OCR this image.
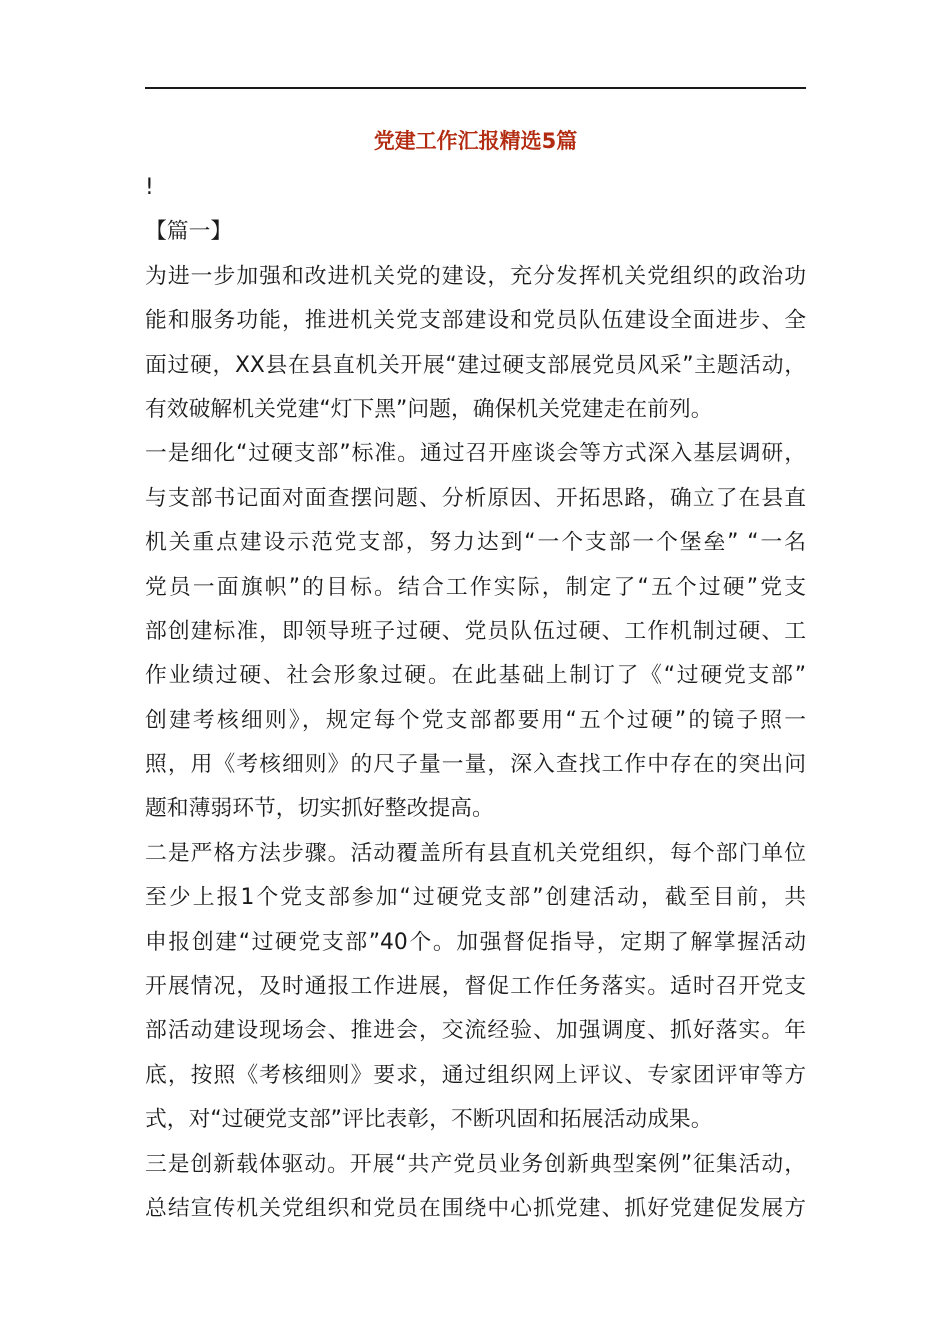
党建工作汇报精选5篇
!
【篇一】
为进一步加强和改进机关党的建设，充分发挥机关党组织的政治功
能和服务功能，推进机关党支部建设和党员队伍建设全面进步、全
面过硬，XX县在县直机关开展“建过硬支部展党员风采”主题活动，
有效破解机关党建“灯下黑”问题，确保机关党建走在前列。
一是细化“过硬支部”标准。通过召开座谈会等方式深入基层调研，
与支部书记面对面查摆问题、分析原因、开拓思路，确立了在县直
机关重点建设示范党支部，努力达到“一个支部一个堡垒” “一名
党员一面旗帜”的目标。结合工作实际，制定了“五个过硬”党支
部创建标准，即领导班子过硬、党员队伍过硬、工作机制过硬、工
作业绩过硬、社会形象过硬。在此基础上制订了《“过硬党支部”
创建考核细则》，规定每个党支部都要用“五个过硬”的镜子照一
照，用《考核细则》的尺子量一量，深入查找工作中存在的突出问
题和薄弱环节，切实抓好整改提高。
二是严格方法步骤。活动覆盖所有县直机关党组织，每个部门单位
至少上报1个党支部参加“过硬党支部”创建活动，截至目前，共
申报创建“过硬党支部”40个。加强督促指导，定期了解掌握活动
开展情况，及时通报工作进展，督促工作任务落实。适时召开党支
部活动建设现场会、推进会，交流经验、加强调度、抓好落实。年
底，按照《考核细则》要求，通过组织网上评议、专家团评审等方
式，对“过硬党支部”评比表彰，不断巩固和拓展活动成果。
三是创新载体驱动。开展“共产党员业务创新典型案例”征集活动，
总结宣传机关党组织和党员在围绕中心抓党建、抓好党建促发展方
